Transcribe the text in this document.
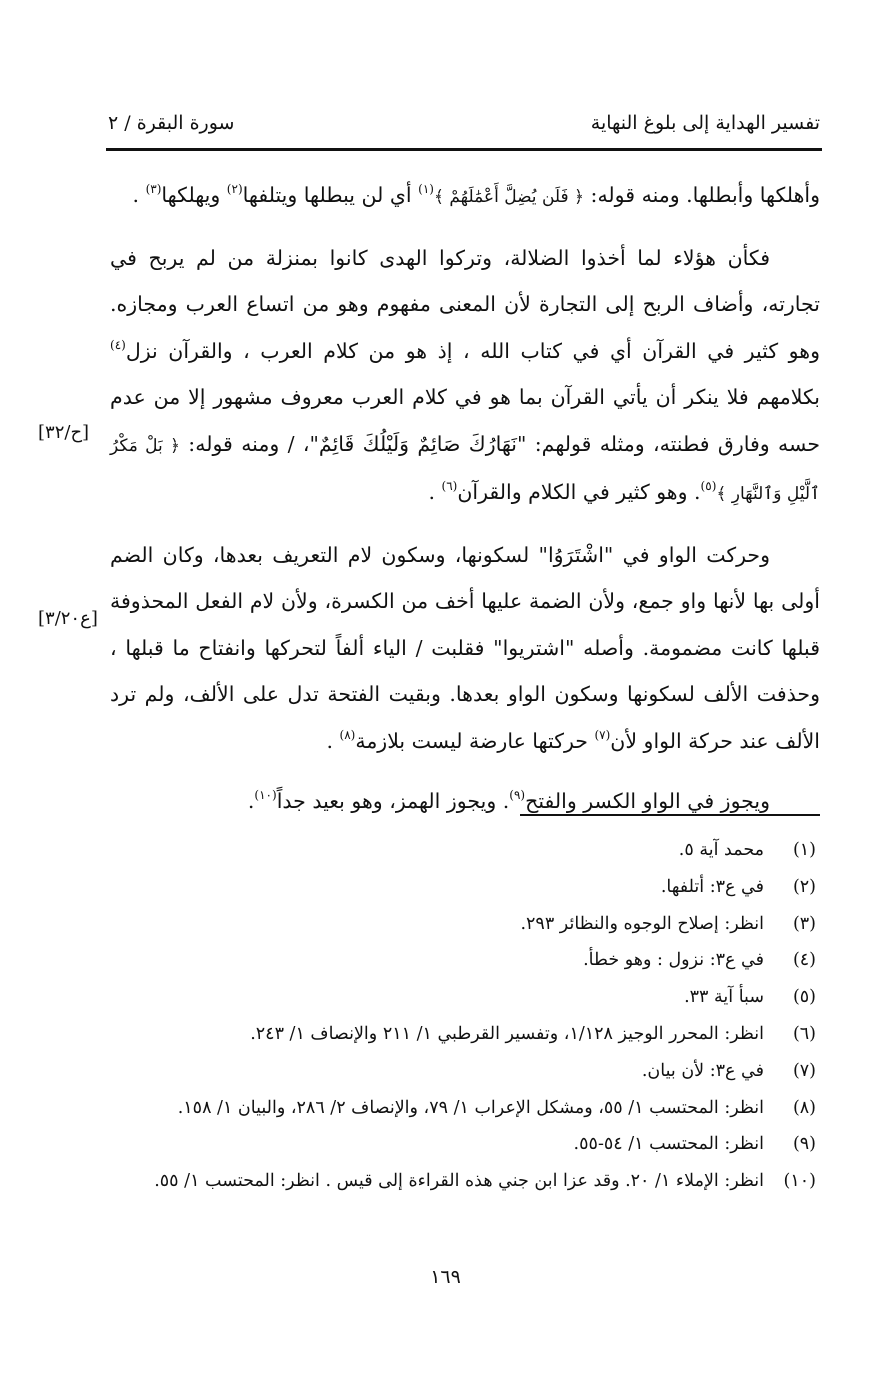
تفسير الهداية إلى بلوغ النهاية
سورة البقرة / ٢

وأهلكها وأبطلها. ومنه قوله: ﴿ فَلَن يُضِلَّ أَعْمَٰلَهُمْ ﴾$^{(١)}$ أي لن يبطلها ويتلفها$^{(٢)}$ ويهلكها$^{(٣)}$ .

فكأن هؤلاء لما أخذوا الضلالة، وتركوا الهدى كانوا بمنزلة من لم يربح في تجارته، وأضاف الربح إلى التجارة لأن المعنى مفهوم وهو من اتساع العرب ومجازه. وهو كثير في القرآن أي في كتاب الله ، إذ هو من كلام العرب ، والقرآن نزل$^{(٤)}$ بكلامهم فلا ينكر أن يأتي القرآن بما هو في كلام العرب معروف مشهور إلا من عدم حسه وفارق فطنته، ومثله قولهم: "نَهَارُكَ صَائِمٌ وَلَيْلُكَ قَائِمٌ"، / ومنه قوله: ﴿ بَلْ مَكْرُ ٱلَّيْلِ وَٱلنَّهَارِ ﴾$^{(٥)}$. وهو كثير في الكلام والقرآن$^{(٦)}$ .

وحركت الواو في "اشْتَرَوُا" لسكونها، وسكون لام التعريف بعدها، وكان الضم أولى بها لأنها واو جمع، ولأن الضمة عليها أخف من الكسرة، ولأن لام الفعل المحذوفة قبلها كانت مضمومة. وأصله "اشتريوا" فقلبت / الياء ألفاً لتحركها وانفتاح ما قبلها ، وحذفت الألف لسكونها وسكون الواو بعدها. وبقيت الفتحة تدل على الألف، ولم ترد الألف عند حركة الواو لأن$^{(٧)}$ حركتها عارضة ليست بلازمة$^{(٨)}$ .

ويجوز في الواو الكسر والفتح$^{(٩)}$. ويجوز الهمز، وهو بعيد جداً$^{(١٠)}$.

[ح/٣٢]
[ع٣/٢٠]
(١)
محمد آية ٥.
(٢)
في ع٣: أتلفها.
(٣)
انظر: إصلاح الوجوه والنظائر ٢٩٣.
(٤)
في ع٣: نزول : وهو خطأ.
(٥)
سبأ آية ٣٣.
(٦)
انظر: المحرر الوجيز ١/١٢٨، وتفسير القرطبي ١/ ٢١١ والإنصاف ١/ ٢٤٣.
(٧)
في ع٣: لأن بيان.
(٨)
انظر: المحتسب ١/ ٥٥، ومشكل الإعراب ١/ ٧٩، والإنصاف ٢/ ٢٨٦، والبيان ١/ ١٥٨.
(٩)
انظر: المحتسب ١/ ٥٤-٥٥.
(١٠)
انظر: الإملاء ١/ ٢٠. وقد عزا ابن جني هذه القراءة إلى قيس . انظر: المحتسب ١/ ٥٥.
١٦٩
